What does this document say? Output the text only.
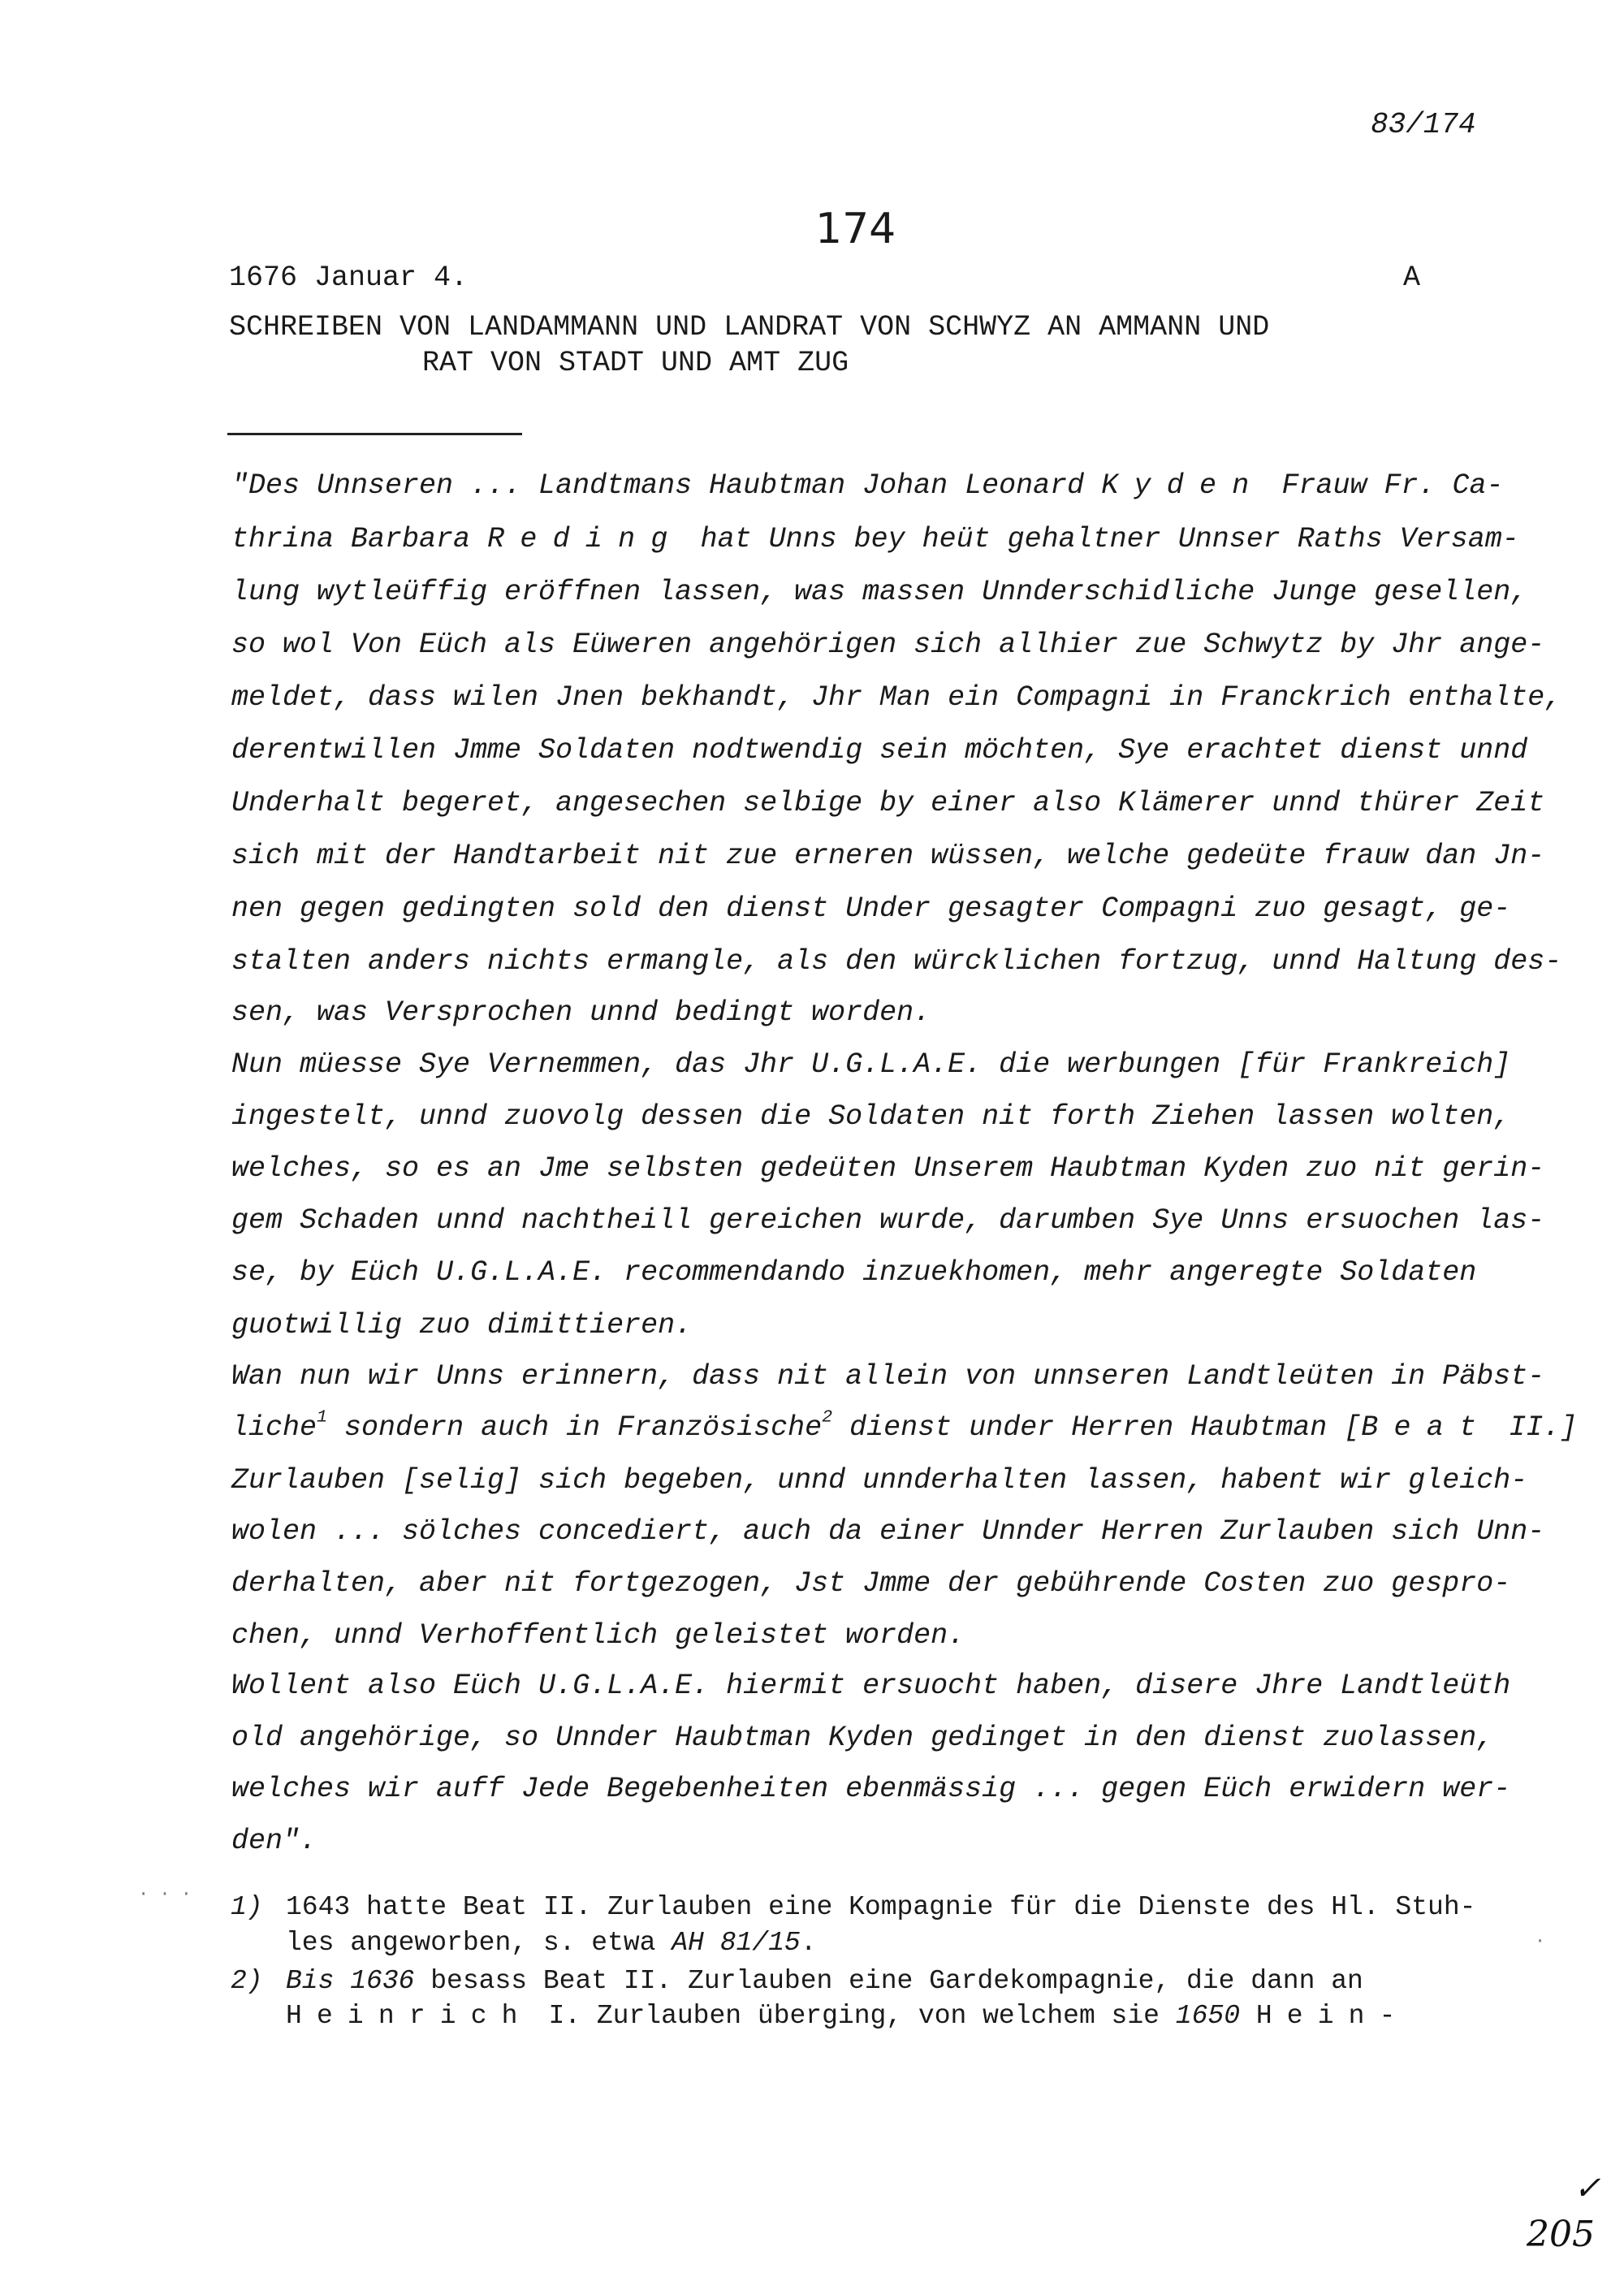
83/174
174
1676 Januar 4.	A
SCHREIBEN VON LANDAMMANN UND LANDRAT VON SCHWYZ AN AMMANN UND
RAT VON STADT UND AMT ZUG
"Des Unnseren ... Landtmans Haubtman Johan Leonard Kyden Frauw Fr. Ca-
thrina Barbara Reding hat Unns bey heüt gehaltner Unnser Raths Versam-
lung wytleüffig eröffnen lassen, was massen Unnderschidliche Junge gesellen,
so wol Von Eüch als Eüweren angehörigen sich allhier zue Schwytz by Jhr ange-
meldet, dass wilen Jnen bekhandt, Jhr Man ein Compagni in Franckrich enthalte,
derentwillen Jmme Soldaten nodtwendig sein möchten, Sye erachtet dienst unnd
Underhalt begeret, angesechen selbige by einer also Klämerer unnd thürer Zeit
sich mit der Handtarbeit nit zue erneren wüssen, welche gedeüte frauw dan Jn-
nen gegen gedingten sold den dienst Under gesagter Compagni zuo gesagt, ge-
stalten anders nichts ermangle, als den würcklichen fortzug, unnd Haltung des-
sen, was Versprochen unnd bedingt worden.
Nun müesse Sye Vernemmen, das Jhr U.G.L.A.E. die werbungen [für Frankreich]
ingestelt, unnd zuovolg dessen die Soldaten nit forth Ziehen lassen wolten,
welches, so es an Jme selbsten gedeüten Unserem Haubtman Kyden zuo nit gerin-
gem Schaden unnd nachtheill gereichen wurde, darumben Sye Unns ersuochen las-
se, by Eüch U.G.L.A.E. recommendando inzuekhomen, mehr angeregte Soldaten
guotwillig zuo dimittieren.
Wan nun wir Unns erinnern, dass nit allein von unnseren Landtleüten in Päbst-
liche$^1$ sondern auch in Französische$^2$ dienst under Herren Haubtman [Beat II.]
Zurlauben [selig] sich begeben, unnd unnderhalten lassen, habent wir gleich-
wolen ... sölches concediert, auch da einer Unnder Herren Zurlauben sich Unn-
derhalten, aber nit fortgezogen, Jst Jmme der gebührende Costen zuo gespro-
chen, unnd Verhoffentlich geleistet worden.
Wollent also Eüch U.G.L.A.E. hiermit ersuocht haben, disere Jhre Landtleüth
old angehörige, so Unnder Haubtman Kyden gedinget in den dienst zuolassen,
welches wir auff Jede Begebenheiten ebenmässig ... gegen Eüch erwidern wer-
den".
· · ·
·
1) 1643 hatte Beat II. Zurlauben eine Kompagnie für die Dienste des Hl. Stuh-
les angeworben, s. etwa AH 81/15.
2) Bis 1636 besass Beat II. Zurlauben eine Gardekompagnie, die dann an
Heinrich I. Zurlauben überging, von welchem sie 1650 Hein-
✓
205
